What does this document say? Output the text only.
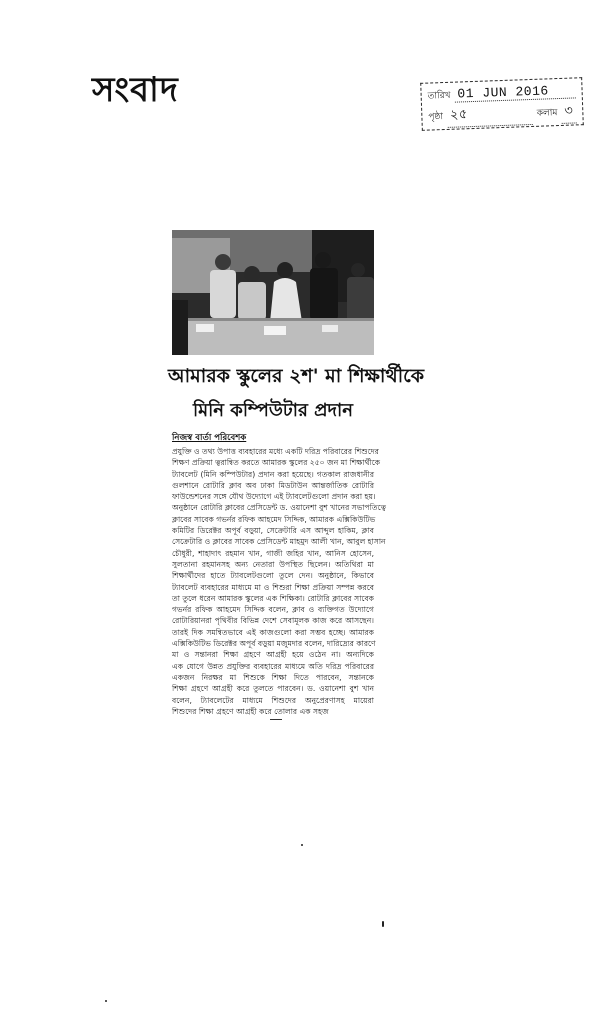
সংবাদ	তারিখ 01 JUN 2016
পৃষ্ঠা ২৫	কলাম ৩
আমারক স্কুলের ২শ' মা শিক্ষার্থীকে
মিনি কম্পিউটার প্রদান
নিজস্ব বার্তা পরিবেশক
প্রযুক্তি ও তথ্য উপাত্ত ব্যবহারের মধ্যে একটি দরিদ্র পরিবারের শিশুদের
শিক্ষণ প্রক্রিয়া ত্বরান্বিত করতে আমারক স্কুলের ২৫০ জন মা শিক্ষার্থীকে
ট্যাবলেট (মিনি কম্পিউটার) প্রদান করা হয়েছে। গতকাল রাজধানীর
গুলশানে রোটারি ক্লাব অব ঢাকা মিডটাউন আন্তর্জাতিক রোটারি
ফাউন্ডেশনের সঙ্গে যৌথ উদ্যোগে এই ট্যাবলেটগুলো প্রদান করা হয়।
অনুষ্ঠানে রোটারি ক্লাবের প্রেসিডেন্ট ড. ওয়ানেশা বুশ খানের সভাপতিত্বে
ক্লাবের সাবেক গভর্নর রফিক আহমেদ সিদ্দিক, আমারক এক্সিকিউটিভ
কমিটির ডিরেক্টর অপূর্ব বড়ুয়া, সেক্রেটারি এস আব্দুল হাকিম, ক্লাব
সেক্রেটারি ও ক্লাবের সাবেক প্রেসিডেন্ট মাহমুদ আলী খান, আবুল হাসান
চৌধুরী, শাহাদাৎ রহমান খান, গাজী জহির খান, আনিস হোসেন,
সুলতানা রহমানসহ অন্য নেতারা উপস্থিত ছিলেন। অতিথিরা মা
শিক্ষার্থীদের হাতে ট্যাবলেটগুলো তুলে দেন। অনুষ্ঠানে, কিভাবে
ট্যাবলেট ব্যবহারের মাধ্যমে মা ও শিশুরা শিক্ষা প্রক্রিয়া সম্পন্ন করবে
তা তুলে ধরেন আমারক স্কুলের এক শিক্ষিকা। রোটারি ক্লাবের সাবেক
গভর্নর রফিক আহমেদ সিদ্দিক বলেন, ক্লাব ও ব্যক্তিগত উদ্যোগে
রোটারিয়ানরা পৃথিবীর বিভিন্ন দেশে সেবামূলক কাজ করে আসছেন।
তারই দিক সমন্বিতভাবে এই কাজগুলো করা সম্ভব হচ্ছে। আমারক
এক্সিকিউটিভ ডিরেক্টর অপূর্ব বড়ুয়া মজুমদার বলেন, দারিদ্র্যের কারণে
মা ও সন্তানরা শিক্ষা গ্রহণে আগ্রহী হয়ে ওঠেন না। অন্যদিকে
এক যোগে উন্নত প্রযুক্তির ব্যবহারের মাধ্যমে অতি দরিদ্র পরিবারের
একজন নিরক্ষর মা শিশুকে শিক্ষা দিতে পারবেন, সন্তানকে
শিক্ষা গ্রহণে আগ্রহী করে তুলতে পারবেন। ড. ওয়ানেশা বুশ খান
বলেন, ট্যাবলেটের মাধ্যমে শিশুদের অনুপ্রেরণাসহ মায়েরা
শিশুদের শিক্ষা গ্রহণে আগ্রহী করে তোলার এক সহজ
